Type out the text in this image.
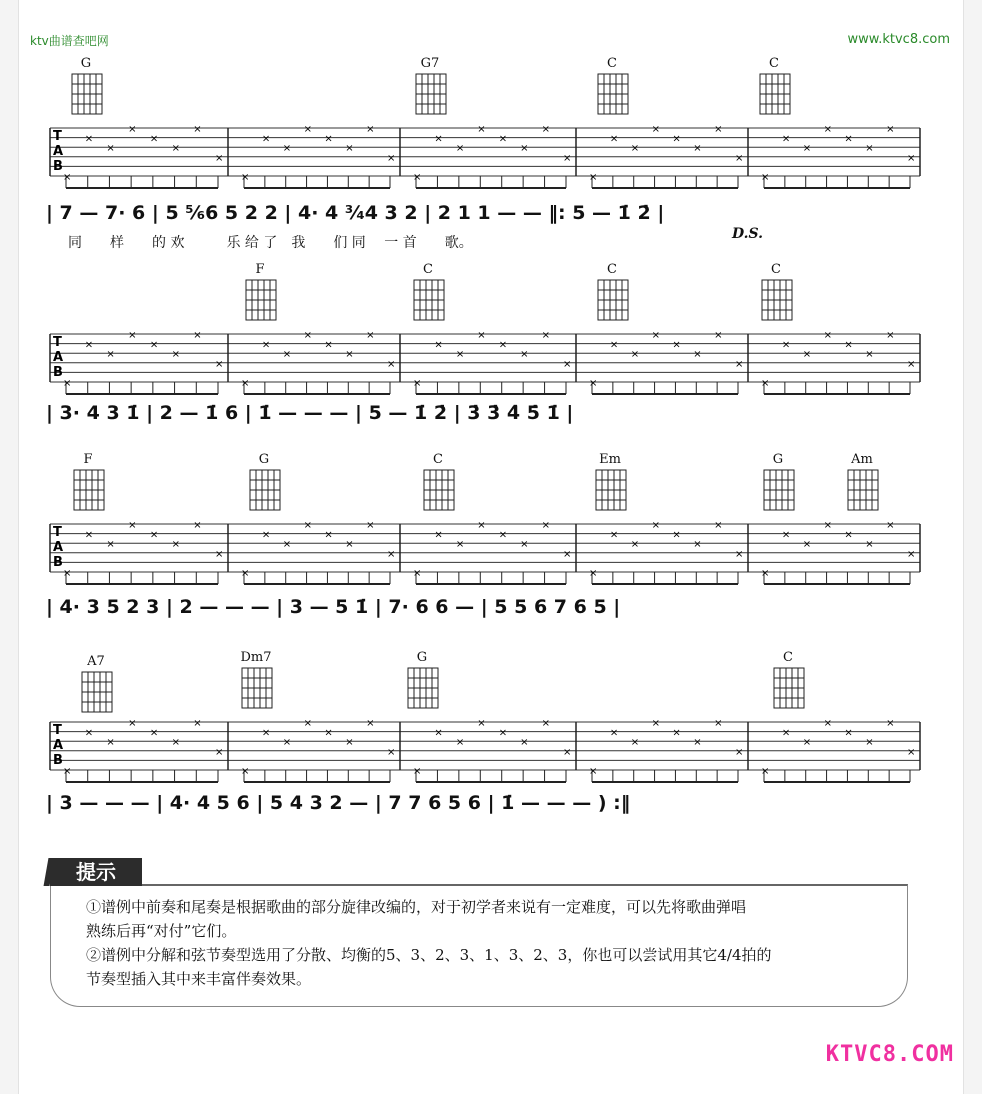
ktv曲谱查吧网	www.ktvc8.com
G	G7	C	C
T
A
B
×
×
×
×
×
×
×
×
×
×
×
×
×
×
×
×
×
×
×
×
×
×
×
×
×
×
×
×
×
×
×
×
×
×
×
×
×
×
×
×
| 7 — 7· 6 | 5 ⁵⁄₆6 5 2 2 | 4· 4 ³⁄₄4 3 2 | 2 1 1 — — ‖: 5 — 1̇ 2̇ |
同　　样　　的 欢　　　乐 给 了　我　　们 同　 一 首　　歌。
D.S.
F	C	C	C
T
A
B
×
×
×
×
×
×
×
×
×
×
×
×
×
×
×
×
×
×
×
×
×
×
×
×
×
×
×
×
×
×
×
×
×
×
×
×
×
×
×
×
| 3· 4 3 1̇ | 2 — 1̇ 6 | 1̇ — — — | 5 — 1̇ 2̇ | 3̇ 3̇ 4̇ 5̇ 1̇ |
F	G	C	Em	G	Am
T
A
B
×
×
×
×
×
×
×
×
×
×
×
×
×
×
×
×
×
×
×
×
×
×
×
×
×
×
×
×
×
×
×
×
×
×
×
×
×
×
×
×
| 4· 3 5 2 3 | 2 — — — | 3 — 5 1̇ | 7· 6 6 — | 5 5 6 7 6 5 |
A7	Dm7	G	C
T
A
B
×
×
×
×
×
×
×
×
×
×
×
×
×
×
×
×
×
×
×
×
×
×
×
×
×
×
×
×
×
×
×
×
×
×
×
×
×
×
×
×
| 3 — — — | 4· 4 5 6 | 5 4 3 2 — | 7 7 6 5 6 | 1̇ — — — ) :‖
提示
①谱例中前奏和尾奏是根据歌曲的部分旋律改编的，对于初学者来说有一定难度，可以先将歌曲弹唱
熟练后再“对付”它们。
②谱例中分解和弦节奏型选用了分散、均衡的5、3、2、3、1、3、2、3，你也可以尝试用其它4/4拍的
节奏型插入其中来丰富伴奏效果。
KTVC8.COM
